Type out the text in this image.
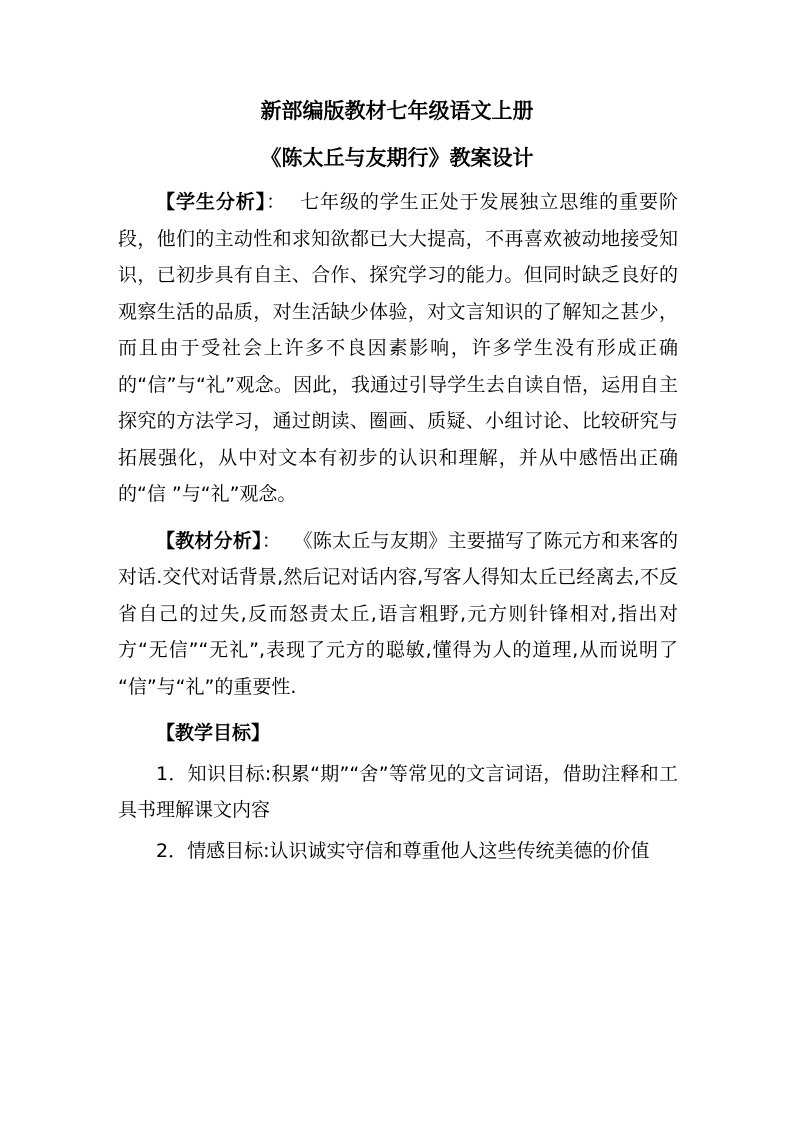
新部编版教材七年级语文上册
《陈太丘与友期行》教案设计

【学生分析】： 七年级的学生正处于发展独立思维的重要阶段，他们的主动性和求知欲都已大大提高，不再喜欢被动地接受知识，已初步具有自主、合作、探究学习的能力。但同时缺乏良好的观察生活的品质，对生活缺少体验，对文言知识的了解知之甚少，而且由于受社会上许多不良因素影响，许多学生没有形成正确的“信”与“礼”观念。因此，我通过引导学生去自读自悟，运用自主探究的方法学习，通过朗读、圈画、质疑、小组讨论、比较研究与拓展强化，从中对文本有初步的认识和理解，并从中感悟出正确的“信 ”与“礼”观念。

【教材分析】： 《陈太丘与友期》主要描写了陈元方和来客的对话.交代对话背景,然后记对话内容,写客人得知太丘已经离去,不反省自己的过失,反而怒责太丘,语言粗野,元方则针锋相对,指出对方“无信”“无礼”,表现了元方的聪敏,懂得为人的道理,从而说明了 “信”与“礼”的重要性.

【教学目标】

1．知识目标:积累“期”“舍”等常见的文言词语，借助注释和工具书理解课文内容

2．情感目标:认识诚实守信和尊重他人这些传统美德的价值
